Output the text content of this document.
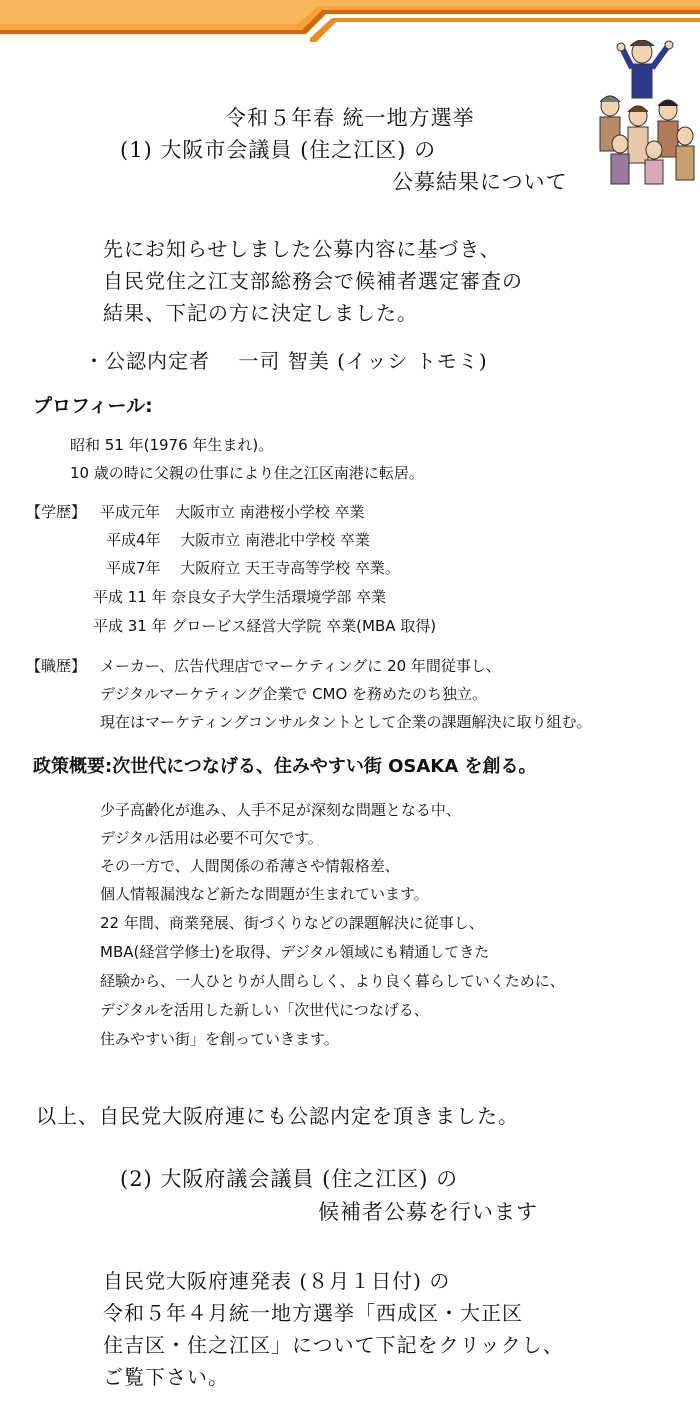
令和５年春 統一地方選挙
(1) 大阪市会議員 (住之江区) の
公募結果について
先にお知らせしました公募内容に基づき、
自民党住之江支部総務会で候補者選定審査の
結果、下記の方に決定しました。
・公認内定者　 一司 智美 (イッシ トモミ)
プロフィール:
昭和 51 年(1976 年生まれ)。
10 歳の時に父親の仕事により住之江区南港に転居。
【学歴】 平成元年　大阪市立 南港桜小学校 卒業
平成4年　 大阪市立 南港北中学校 卒業
平成7年　 大阪府立 天王寺高等学校 卒業。
平成 11 年 奈良女子大学生活環境学部 卒業
平成 31 年 グロービス経営大学院 卒業(MBA 取得)
【職歴】 メーカー、広告代理店でマーケティングに 20 年間従事し、
デジタルマーケティング企業で CMO を務めたのち独立。
現在はマーケティングコンサルタントとして企業の課題解決に取り組む。
政策概要:次世代につなげる、住みやすい街 OSAKA を創る。
少子高齢化が進み、人手不足が深刻な問題となる中、
デジタル活用は必要不可欠です。
その一方で、人間関係の希薄さや情報格差、
個人情報漏洩など新たな問題が生まれています。
22 年間、商業発展、街づくりなどの課題解決に従事し、
MBA(経営学修士)を取得、デジタル領域にも精通してきた
経験から、一人ひとりが人間らしく、より良く暮らしていくために、
デジタルを活用した新しい「次世代につなげる、
住みやすい街」を創っていきます。
以上、自民党大阪府連にも公認内定を頂きました。
(2) 大阪府議会議員 (住之江区) の
候補者公募を行います
自民党大阪府連発表 (８月１日付) の
令和５年４月統一地方選挙「西成区・大正区
住吉区・住之江区」について下記をクリックし、
ご覧下さい。
